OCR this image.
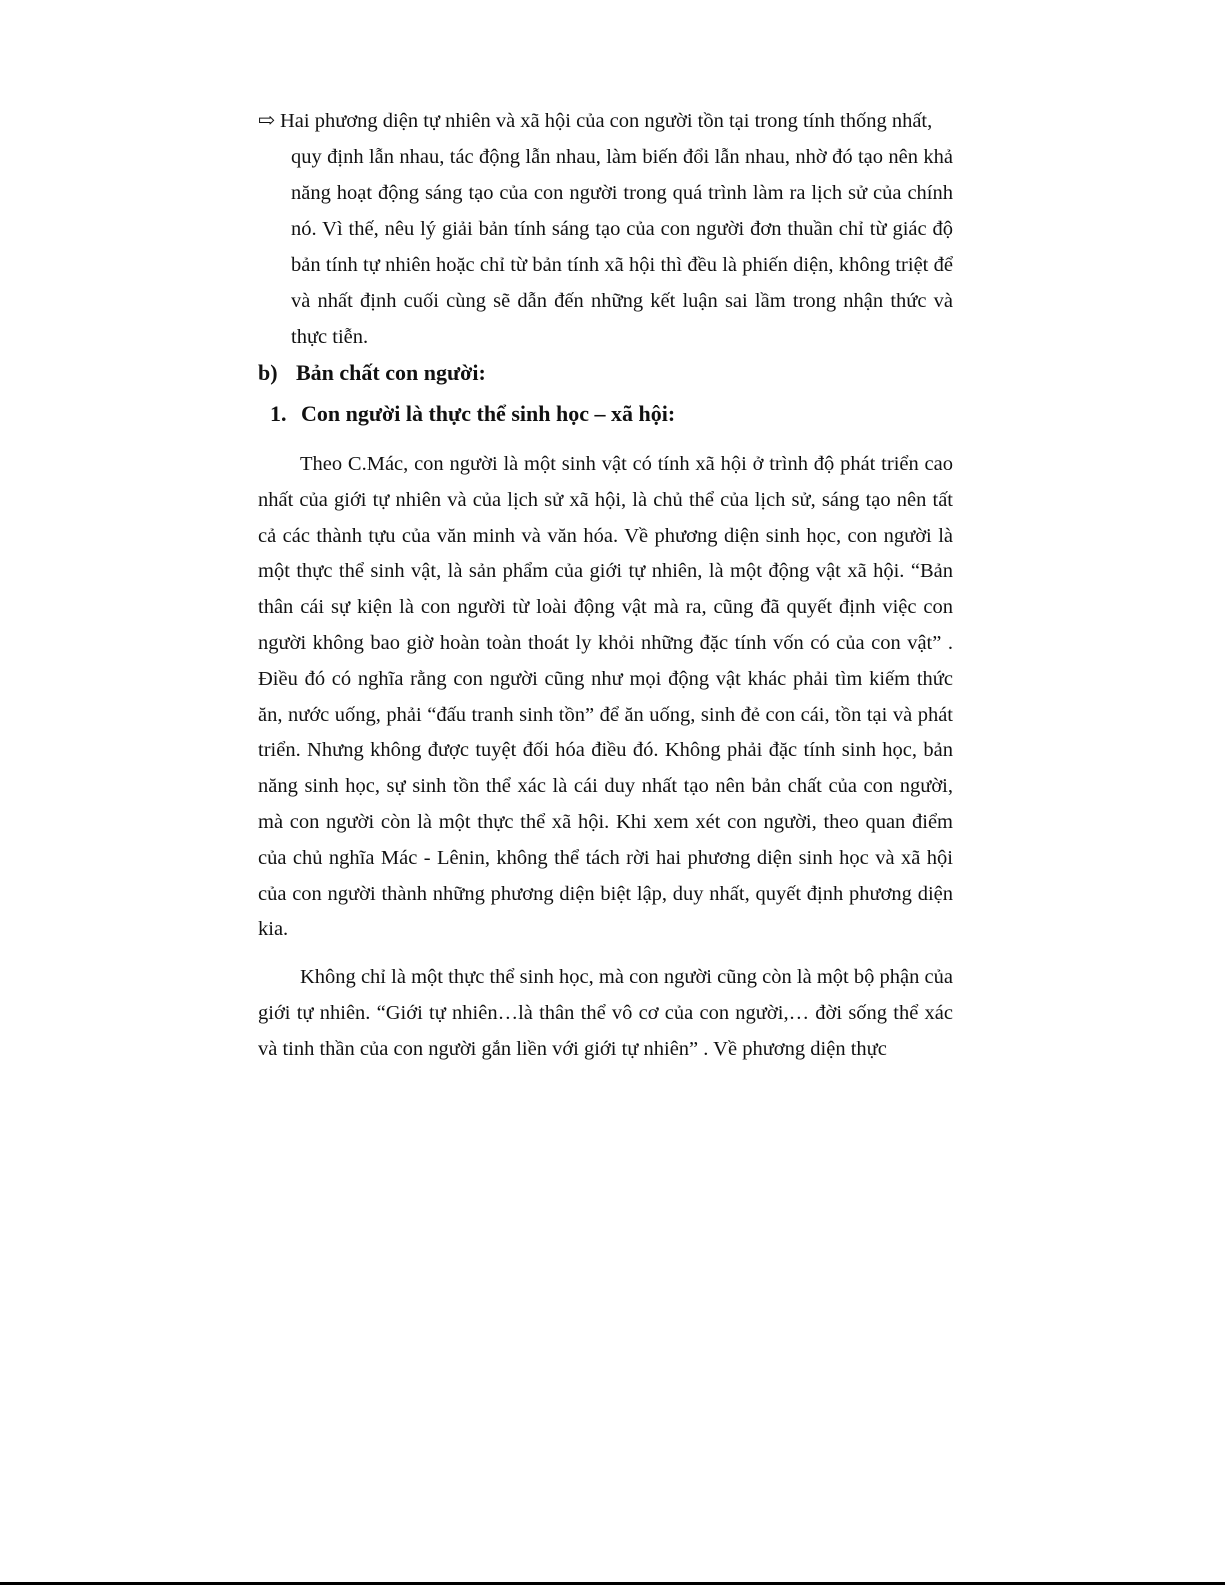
⇨ Hai phương diện tự nhiên và xã hội của con người tồn tại trong tính thống nhất,
quy định lẫn nhau, tác động lẫn nhau, làm biến đổi lẫn nhau, nhờ đó tạo nên khả năng hoạt động sáng tạo của con người trong quá trình làm ra lịch sử của chính nó. Vì thế, nêu lý giải bản tính sáng tạo của con người đơn thuần chỉ từ giác độ bản tính tự nhiên hoặc chỉ từ bản tính xã hội thì đều là phiến diện, không triệt để và nhất định cuối cùng sẽ dẫn đến những kết luận sai lầm trong nhận thức và thực tiễn.
b) Bản chất con người:
1. Con người là thực thể sinh học – xã hội:

Theo C.Mác, con người là một sinh vật có tính xã hội ở trình độ phát triển cao nhất của giới tự nhiên và của lịch sử xã hội, là chủ thể của lịch sử, sáng tạo nên tất cả các thành tựu của văn minh và văn hóa. Về phương diện sinh học, con người là một thực thể sinh vật, là sản phẩm của giới tự nhiên, là một động vật xã hội. “Bản thân cái sự kiện là con người từ loài động vật mà ra, cũng đã quyết định việc con người không bao giờ hoàn toàn thoát ly khỏi những đặc tính vốn có của con vật” . Điều đó có nghĩa rằng con người cũng như mọi động vật khác phải tìm kiếm thức ăn, nước uống, phải “đấu tranh sinh tồn” để ăn uống, sinh đẻ con cái, tồn tại và phát triển. Nhưng không được tuyệt đối hóa điều đó. Không phải đặc tính sinh học, bản năng sinh học, sự sinh tồn thể xác là cái duy nhất tạo nên bản chất của con người, mà con người còn là một thực thể xã hội. Khi xem xét con người, theo quan điểm của chủ nghĩa Mác - Lênin, không thể tách rời hai phương diện sinh học và xã hội của con người thành những phương diện biệt lập, duy nhất, quyết định phương diện kia.

Không chỉ là một thực thể sinh học, mà con người cũng còn là một bộ phận của giới tự nhiên. “Giới tự nhiên…là thân thể vô cơ của con người,… đời sống thể xác và tinh thần của con người gắn liền với giới tự nhiên” . Về phương diện thực
